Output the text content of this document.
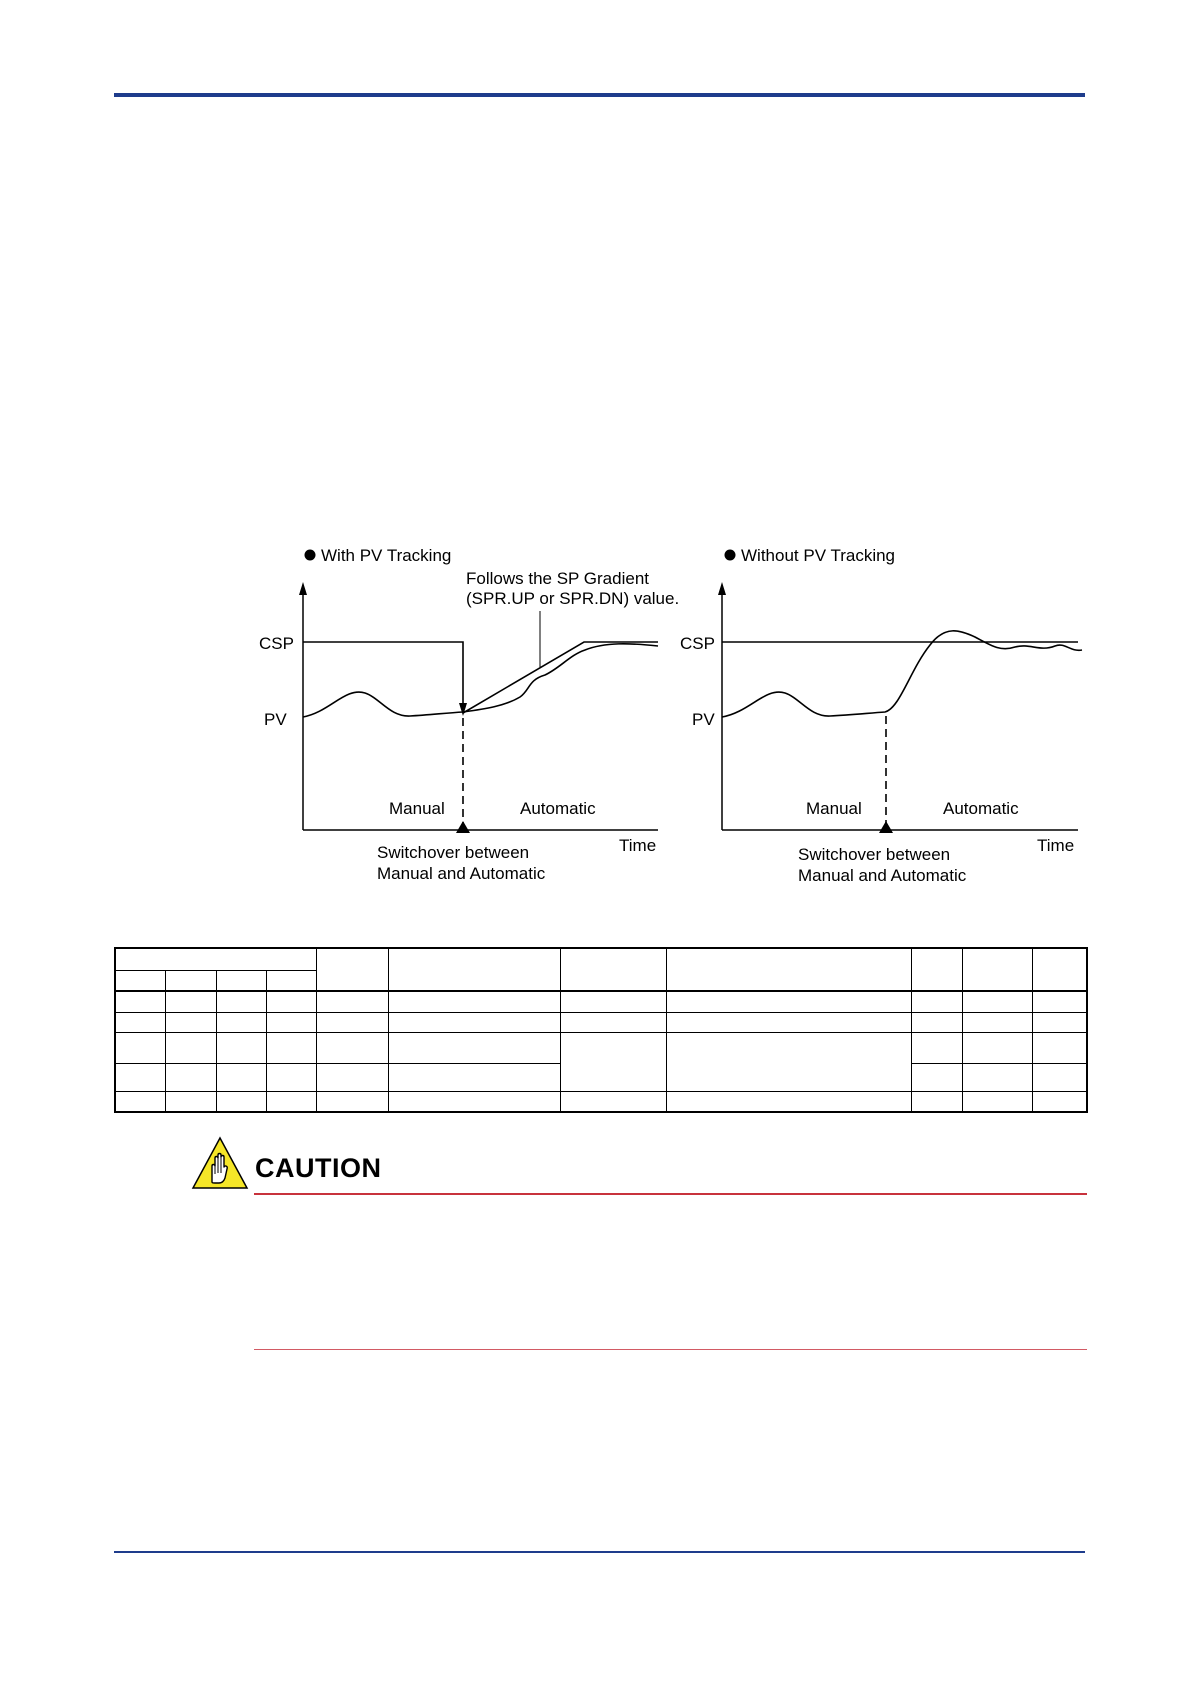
With PV Tracking
Follows the SP Gradient
(SPR.UP or SPR.DN) value.
CSP
PV
Manual	Automatic
Time
Switchover between
Manual and Automatic
Without PV Tracking
CSP
PV
Manual	Automatic
Time
Switchover between
Manual and Automatic

CAUTION
